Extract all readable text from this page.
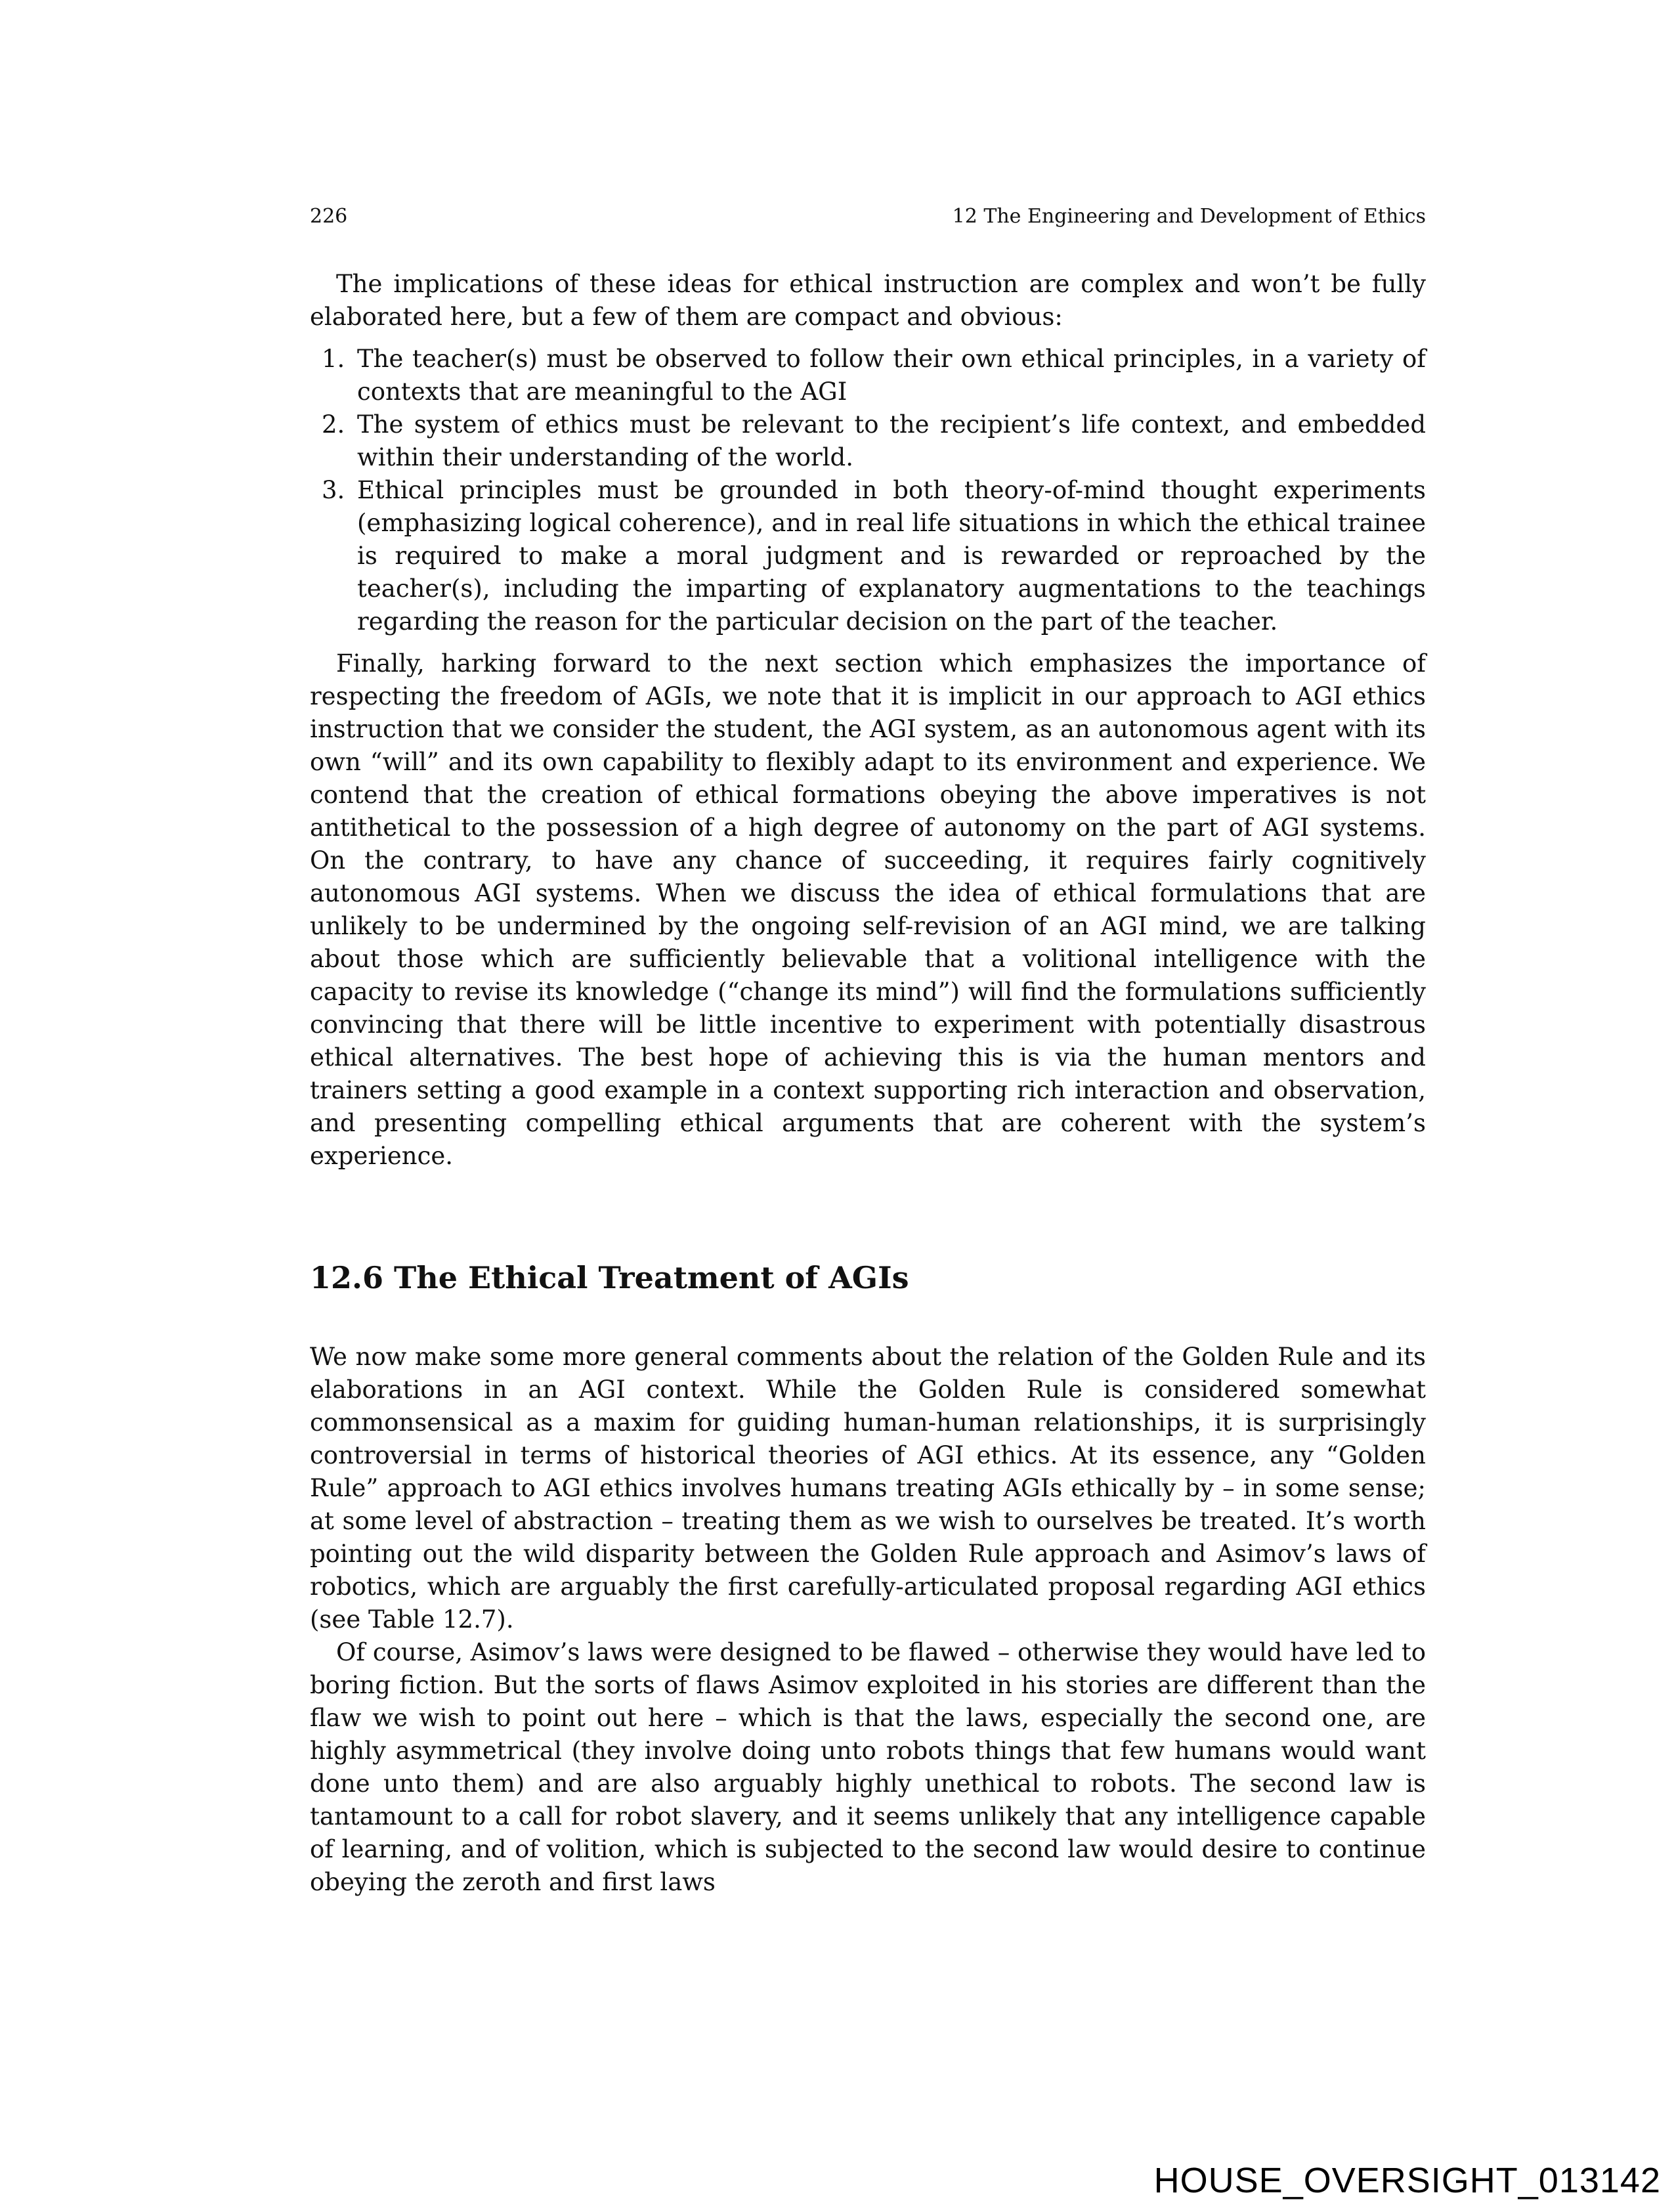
226	12 The Engineering and Development of Ethics

The implications of these ideas for ethical instruction are complex and won’t be fully elaborated here, but a few of them are compact and obvious:

1. The teacher(s) must be observed to follow their own ethical principles, in a variety of contexts that are meaningful to the AGI
2. The system of ethics must be relevant to the recipient’s life context, and embedded within their understanding of the world.
3. Ethical principles must be grounded in both theory-of-mind thought experiments (emphasizing logical coherence), and in real life situations in which the ethical trainee is required to make a moral judgment and is rewarded or reproached by the teacher(s), including the imparting of explanatory augmentations to the teachings regarding the reason for the particular decision on the part of the teacher.

Finally, harking forward to the next section which emphasizes the importance of respecting the freedom of AGIs, we note that it is implicit in our approach to AGI ethics instruction that we consider the student, the AGI system, as an autonomous agent with its own “will” and its own capability to flexibly adapt to its environment and experience. We contend that the creation of ethical formations obeying the above imperatives is not antithetical to the possession of a high degree of autonomy on the part of AGI systems. On the contrary, to have any chance of succeeding, it requires fairly cognitively autonomous AGI systems. When we discuss the idea of ethical formulations that are unlikely to be undermined by the ongoing self-revision of an AGI mind, we are talking about those which are sufficiently believable that a volitional intelligence with the capacity to revise its knowledge (“change its mind”) will find the formulations sufficiently convincing that there will be little incentive to experiment with potentially disastrous ethical alternatives. The best hope of achieving this is via the human mentors and trainers setting a good example in a context supporting rich interaction and observation, and presenting compelling ethical arguments that are coherent with the system’s experience.

12.6 The Ethical Treatment of AGIs

We now make some more general comments about the relation of the Golden Rule and its elaborations in an AGI context. While the Golden Rule is considered somewhat commonsensical as a maxim for guiding human-human relationships, it is surprisingly controversial in terms of historical theories of AGI ethics. At its essence, any “Golden Rule” approach to AGI ethics involves humans treating AGIs ethically by – in some sense; at some level of abstraction – treating them as we wish to ourselves be treated. It’s worth pointing out the wild disparity between the Golden Rule approach and Asimov’s laws of robotics, which are arguably the first carefully-articulated proposal regarding AGI ethics (see Table 12.7).

Of course, Asimov’s laws were designed to be flawed – otherwise they would have led to boring fiction. But the sorts of flaws Asimov exploited in his stories are different than the flaw we wish to point out here – which is that the laws, especially the second one, are highly asymmetrical (they involve doing unto robots things that few humans would want done unto them) and are also arguably highly unethical to robots. The second law is tantamount to a call for robot slavery, and it seems unlikely that any intelligence capable of learning, and of volition, which is subjected to the second law would desire to continue obeying the zeroth and first laws

HOUSE_OVERSIGHT_013142
